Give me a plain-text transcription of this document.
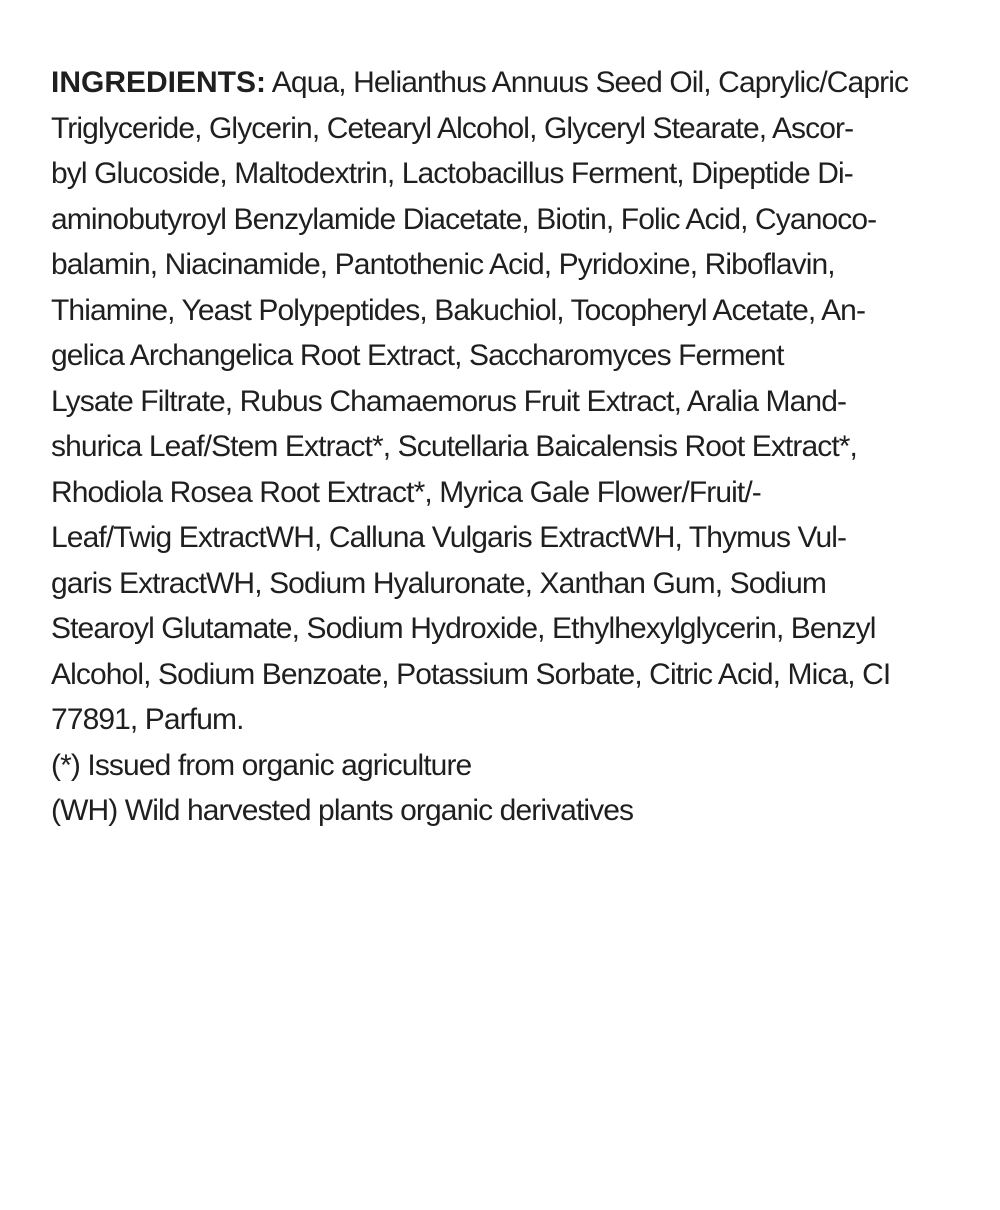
INGREDIENTS: Aqua, Helianthus Annuus Seed Oil, Caprylic/Capric
Triglyceride, Glycerin, Cetearyl Alcohol, Glyceryl Stearate, Ascor-
byl Glucoside, Maltodextrin, Lactobacillus Ferment, Dipeptide Di-
aminobutyroyl Benzylamide Diacetate, Biotin, Folic Acid, Cyanoco-
balamin, Niacinamide, Pantothenic Acid, Pyridoxine, Riboflavin,
Thiamine, Yeast Polypeptides, Bakuchiol, Tocopheryl Acetate, An-
gelica Archangelica Root Extract, Saccharomyces Ferment
Lysate Filtrate, Rubus Chamaemorus Fruit Extract, Aralia Mand-
shurica Leaf/Stem Extract*, Scutellaria Baicalensis Root Extract*,
Rhodiola Rosea Root Extract*, Myrica Gale Flower/Fruit/-
Leaf/Twig ExtractWH, Calluna Vulgaris ExtractWH, Thymus Vul-
garis ExtractWH, Sodium Hyaluronate, Xanthan Gum, Sodium
Stearoyl Glutamate, Sodium Hydroxide, Ethylhexylglycerin, Benzyl
Alcohol, Sodium Benzoate, Potassium Sorbate, Citric Acid, Mica, CI
77891, Parfum.

(*) Issued from organic agriculture

(WH) Wild harvested plants organic derivatives
